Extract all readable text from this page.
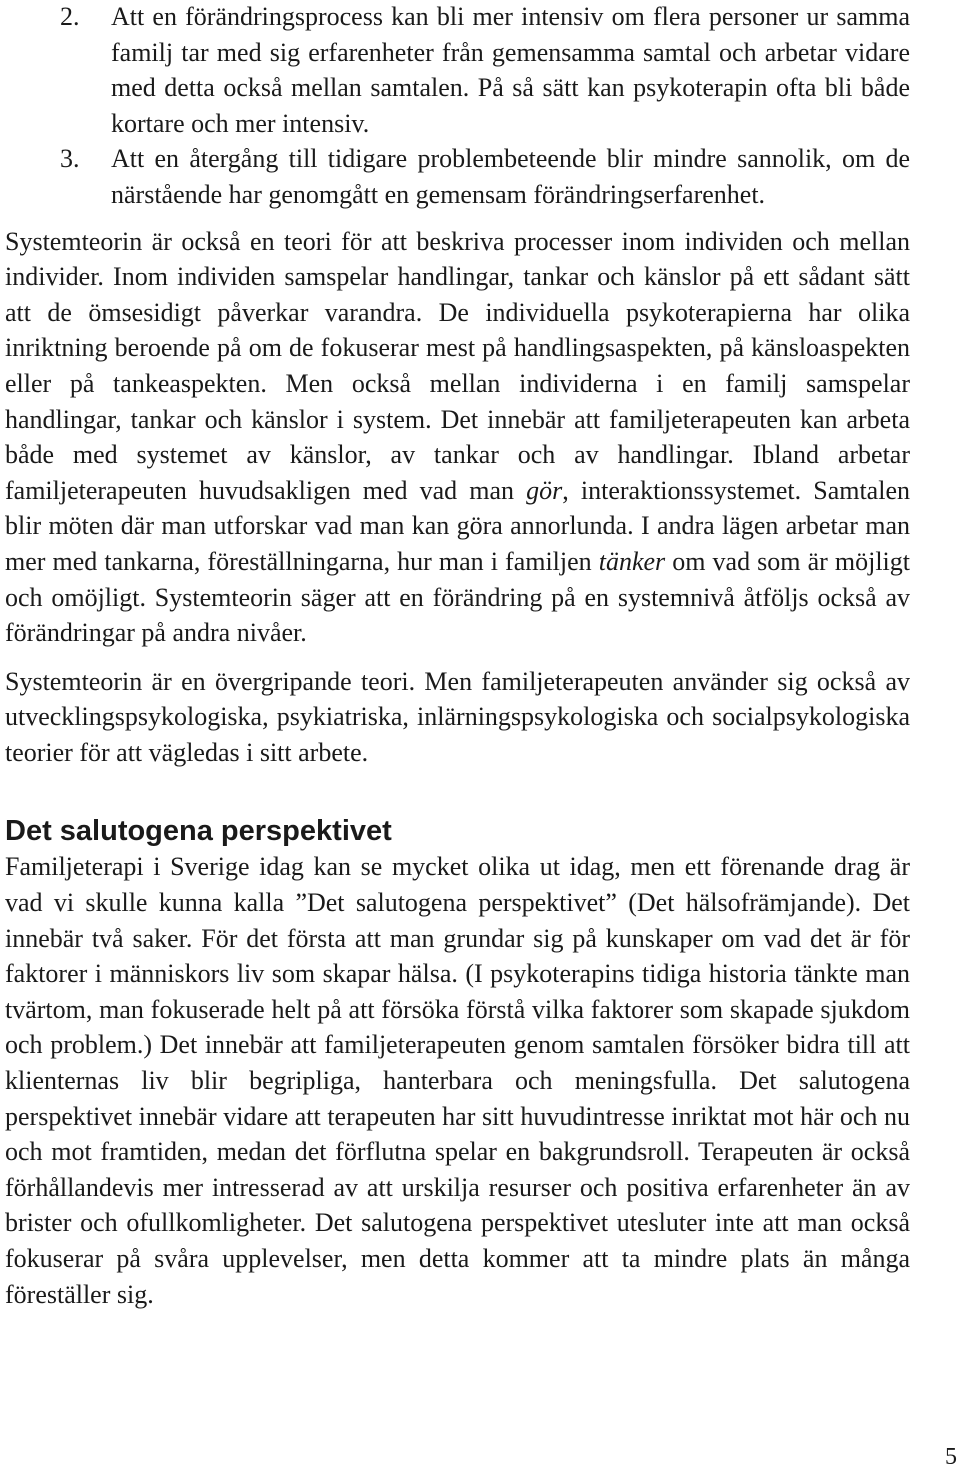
2. Att en förändringsprocess kan bli mer intensiv om flera personer ur samma familj tar med sig erfarenheter från gemensamma samtal och arbetar vidare med detta också mellan samtalen. På så sätt kan psykoterapin ofta bli både kortare och mer intensiv.
3. Att en återgång till tidigare problembeteende blir mindre sannolik, om de närstående har genomgått en gemensam förändringserfarenhet.

Systemteorin är också en teori för att beskriva processer inom individen och mellan individer. Inom individen samspelar handlingar, tankar och känslor på ett sådant sätt att de ömsesidigt påverkar varandra. De individuella psykoterapierna har olika inriktning beroende på om de fokuserar mest på handlingsaspekten, på känsloaspekten eller på tankeaspekten. Men också mellan individerna i en familj samspelar handlingar, tankar och känslor i system. Det innebär att familjeterapeuten kan arbeta både med systemet av känslor, av tankar och av handlingar. Ibland arbetar familjeterapeuten huvudsakligen med vad man gör, interaktionssystemet. Samtalen blir möten där man utforskar vad man kan göra annorlunda. I andra lägen arbetar man mer med tankarna, föreställningarna, hur man i familjen tänker om vad som är möjligt och omöjligt. Systemteorin säger att en förändring på en systemnivå åtföljs också av förändringar på andra nivåer.

Systemteorin är en övergripande teori. Men familjeterapeuten använder sig också av utvecklingspsykologiska, psykiatriska, inlärningspsykologiska och socialpsykologiska teorier för att vägledas i sitt arbete.

Det salutogena perspektivet

Familjeterapi i Sverige idag kan se mycket olika ut idag, men ett förenande drag är vad vi skulle kunna kalla ”Det salutogena perspektivet” (Det hälsofrämjande). Det innebär två saker. För det första att man grundar sig på kunskaper om vad det är för faktorer i människors liv som skapar hälsa. (I psykoterapins tidiga historia tänkte man tvärtom, man fokuserade helt på att försöka förstå vilka faktorer som skapade sjukdom och problem.) Det innebär att familjeterapeuten genom samtalen försöker bidra till att klienternas liv blir begripliga, hanterbara och meningsfulla. Det salutogena perspektivet innebär vidare att terapeuten har sitt huvudintresse inriktat mot här och nu och mot framtiden, medan det förflutna spelar en bakgrundsroll. Terapeuten är också förhållandevis mer intresserad av att urskilja resurser och positiva erfarenheter än av brister och ofullkomligheter. Det salutogena perspektivet utesluter inte att man också fokuserar på svåra upplevelser, men detta kommer att ta mindre plats än många föreställer sig.

5
